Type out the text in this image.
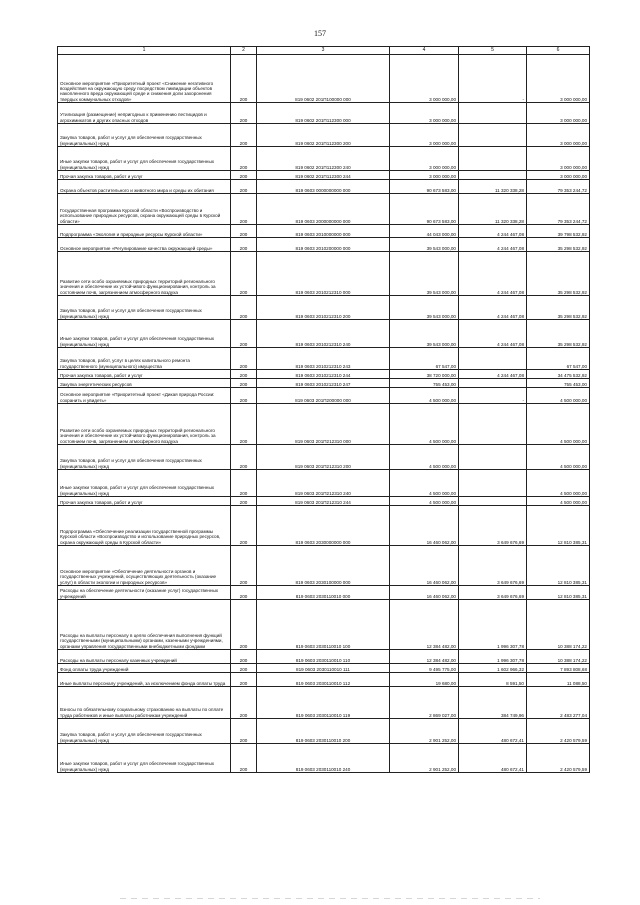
157
1	2	3	4	5	6
Основное мероприятие «Приоритетный проект «Снижение негативного воздействия на окружающую среду посредством ликвидации объектов накопленного вреда окружающей среде и снижения доли захоронения твердых коммунальных отходов»	200	819 0602 201П100000 000	3 000 000,00	-	3 000 000,00
Утилизация (размещение) непригодных к применению пестицидов и агрохимикатов и других опасных отходов	200	819 0602 201П112300 000	3 000 000,00		3 000 000,00
Закупка товаров, работ и услуг для обеспечения государственных (муниципальных) нужд	200	819 0602 201П112300 200	3 000 000,00		3 000 000,00
Иные закупки товаров, работ и услуг для обеспечения государственных (муниципальных) нужд	200	819 0602 201П112300 240	3 000 000,00		3 000 000,00
Прочая закупка товаров, работ и услуг	200	819 0602 201П112300 244	3 000 000,00		3 000 000,00
Охрана объектов растительного и животного мира и среды их обитания	200	819 0603 0000000000 000	90 673 583,00	11 320 338,28	79 353 244,72
Государственная программа Курской области «Воспроизводство и использование природных ресурсов, охрана окружающей среды в Курской области»	200	819 0603 2000000000 000	90 673 583,00	11 320 338,28	79 353 244,72
Подпрограмма «Экология и природные ресурсы Курской области»	200	819 0603 2010000000 000	44 043 000,00	4 244 467,08	39 798 532,92
Основное мероприятие «Регулирование качества окружающей среды»	200	819 0603 2010200000 000	39 543 000,00	4 244 467,08	35 298 532,92
Развитие сети особо охраняемых природных территорий регионального значения и обеспечение их устойчивого функционирования, контроль за состоянием почв, загрязнением атмосферного воздуха	200	819 0603 2010212310 000	39 543 000,00	4 244 467,08	35 298 532,92
Закупка товаров, работ и услуг для обеспечения государственных (муниципальных) нужд	200	819 0603 2010212310 200	39 543 000,00	4 244 467,08	35 298 532,92
Иные закупки товаров, работ и услуг для обеспечения государственных (муниципальных) нужд	200	819 0603 2010212310 240	39 543 000,00	4 244 467,08	35 298 532,92
Закупка товаров, работ, услуг в целях капитального ремонта государственного (муниципального) имущества	200	819 0603 2010212310 243	67 547,00		67 547,00
Прочая закупка товаров, работ и услуг	200	819 0603 2010212310 244	38 720 000,00	4 244 467,08	34 475 532,92
Закупка энергетических ресурсов	200	819 0603 2010212310 247	755 453,00		755 453,00
Основное мероприятие «Приоритетный проект «Дикая природа России: сохранить и увидеть»	200	819 0603 201П200000 000	4 500 000,00	-	4 500 000,00
Развитие сети особо охраняемых природных территорий регионального значения и обеспечение их устойчивого функционирования, контроль за состоянием почв, загрязнением атмосферного воздуха	200	819 0603 201П212310 000	4 500 000,00		4 500 000,00
Закупка товаров, работ и услуг для обеспечения государственных (муниципальных) нужд	200	819 0603 201П212310 200	4 500 000,00		4 500 000,00
Иные закупки товаров, работ и услуг для обеспечения государственных (муниципальных) нужд	200	819 0603 201П212310 240	4 500 000,00		4 500 000,00
Прочая закупка товаров, работ и услуг	200	819 0603 201П212310 244	4 500 000,00		4 500 000,00
Подпрограмма «Обеспечение реализации государственной программы Курской области «Воспроизводство и использование природных ресурсов, охрана окружающей среды в Курской области»	200	819 0603 2030000000 000	16 460 062,00	3 649 676,69	12 810 385,31
Основное мероприятие «Обеспечение деятельности органов и государственных учреждений, осуществляющих деятельность (оказание услуг) в области экологии и природных ресурсов»	200	819 0603 2030100000 000	16 460 062,00	3 649 676,69	12 810 385,31
Расходы на обеспечение деятельности (оказание услуг) государственных учреждений	200	819 0603 2030110010 000	16 460 062,00	3 649 676,69	12 810 385,31
Расходы на выплаты персоналу в целях обеспечения выполнения функций государственными (муниципальными) органами, казенными учреждениями, органами управления государственными внебюджетными фондами	200	819 0603 2030110010 100	12 384 482,00	1 996 307,78	10 388 174,22
Расходы на выплаты персоналу казенных учреждений	200	819 0603 2030110010 110	12 384 482,00	1 996 307,78	10 388 174,22
Фонд оплаты труда учреждений	200	819 0603 2030110010 111	9 495 775,00	1 602 966,32	7 893 808,68
Иные выплаты персоналу учреждений, за исключением фонда оплаты труда	200	819 0603 2030110010 112	19 680,00	8 591,50	11 088,50
Взносы по обязательному социальному страхованию на выплаты по оплате труда работников и иные выплаты работникам учреждений	200	819 0603 2030110010 119	2 869 027,00	384 749,96	2 483 277,04
Закупка товаров, работ и услуг для обеспечения государственных (муниципальных) нужд	200	819 0603 2030110010 200	2 901 252,00	480 672,41	2 420 579,59
Иные закупки товаров, работ и услуг для обеспечения государственных (муниципальных) нужд	200	819 0603 2030110010 240	2 901 252,00	480 672,41	2 420 579,59
